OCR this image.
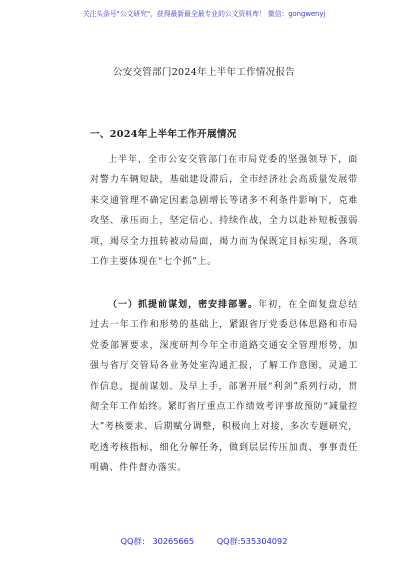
关注头条号"公文研究"，获得最新最全最专业的公文资料库！ 微信：gongwenyj
公安交管部门2024年上半年工作情况报告
一、2024年上半年工作开展情况

上半年，全市公安交管部门在市局党委的坚强领导下，面对警力车辆短缺，基础建设滞后，全市经济社会高质量发展带来交通管理不确定因素急剧增长等诸多不利条件影响下，克难攻坚、承压而上，坚定信心、持续作战，全力以赴补短板强弱项，竭尽全力扭转被动局面，竭力而为保既定目标实现，各项工作主要体现在“七个抓”上。

（一）抓提前谋划，密安排部署。年初，在全面复盘总结过去一年工作和形势的基础上，紧跟省厅党委总体思路和市局党委部署要求，深度研判今年全市道路交通安全管理形势，加强与省厅交管局各业务处室沟通汇报，了解工作意图，灵通工作信息，提前谋划、及早上手，部署开展“利剑”系列行动，贯彻全年工作始终。紧盯省厅重点工作绩效考评事故预防“减量控大”考核要求、后期赋分调整，积极向上对接，多次专题研究，吃透考核指标，细化分解任务，做到层层传压加责、事事责任明确、件件督办落实。

QQ群： 30265665	QQ群:535304092
